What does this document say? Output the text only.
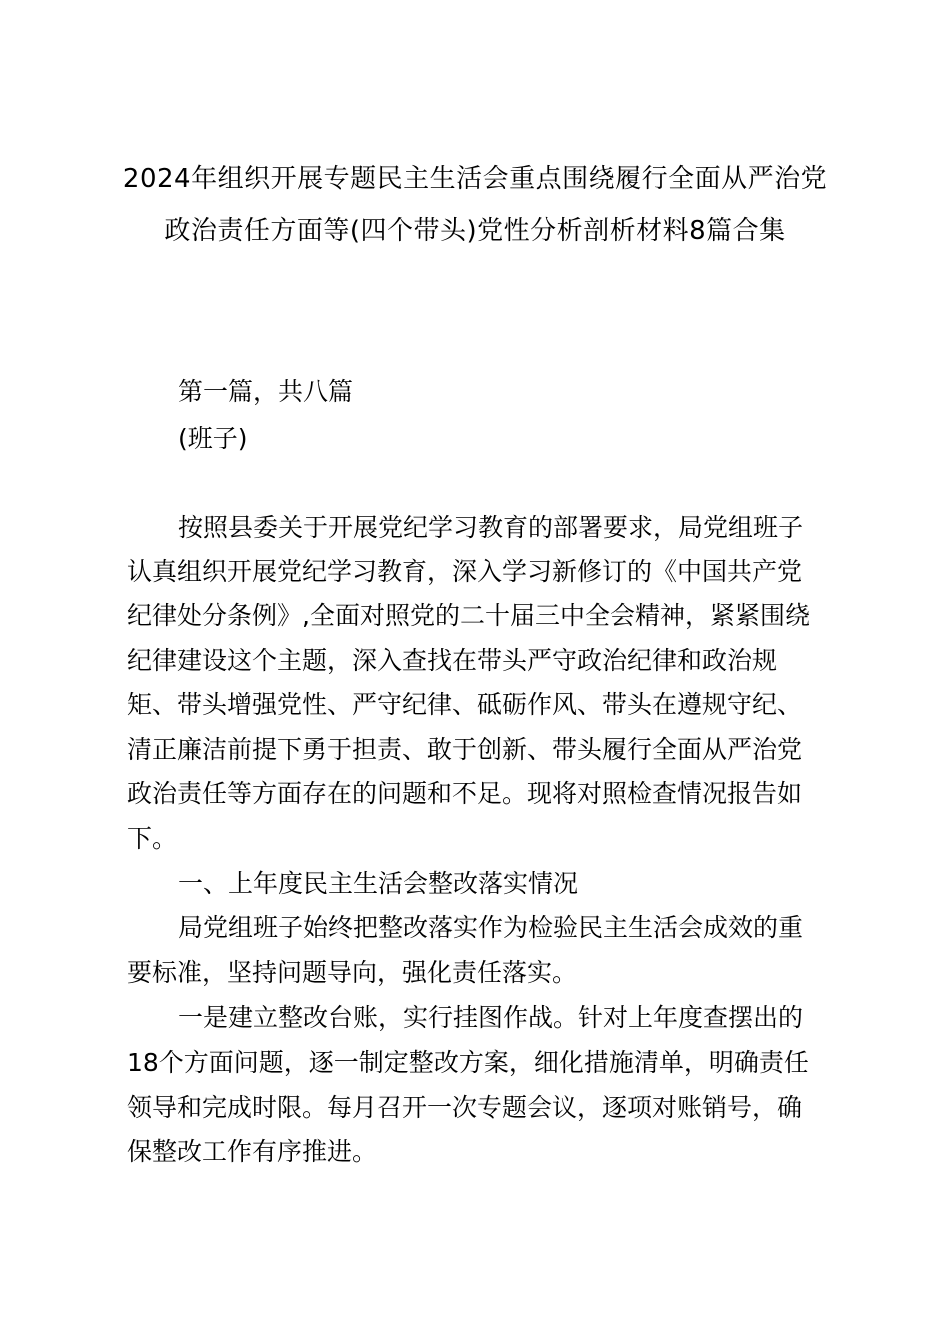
2024年组织开展专题民主生活会重点围绕履行全面从严治党政治责任方面等(四个带头)党性分析剖析材料8篇合集

第一篇，共八篇

(班子)

按照县委关于开展党纪学习教育的部署要求，局党组班子

认真组织开展党纪学习教育，深入学习新修订的《中国共产党

纪律处分条例》,全面对照党的二十届三中全会精神，紧紧围绕

纪律建设这个主题，深入查找在带头严守政治纪律和政治规

矩、带头增强党性、严守纪律、砥砺作风、带头在遵规守纪、

清正廉洁前提下勇于担责、敢于创新、带头履行全面从严治党

政治责任等方面存在的问题和不足。现将对照检查情况报告如

下。

一、上年度民主生活会整改落实情况

局党组班子始终把整改落实作为检验民主生活会成效的重

要标准，坚持问题导向，强化责任落实。

一是建立整改台账，实行挂图作战。针对上年度查摆出的

18个方面问题，逐一制定整改方案，细化措施清单，明确责任

领导和完成时限。每月召开一次专题会议，逐项对账销号，确

保整改工作有序推进。
